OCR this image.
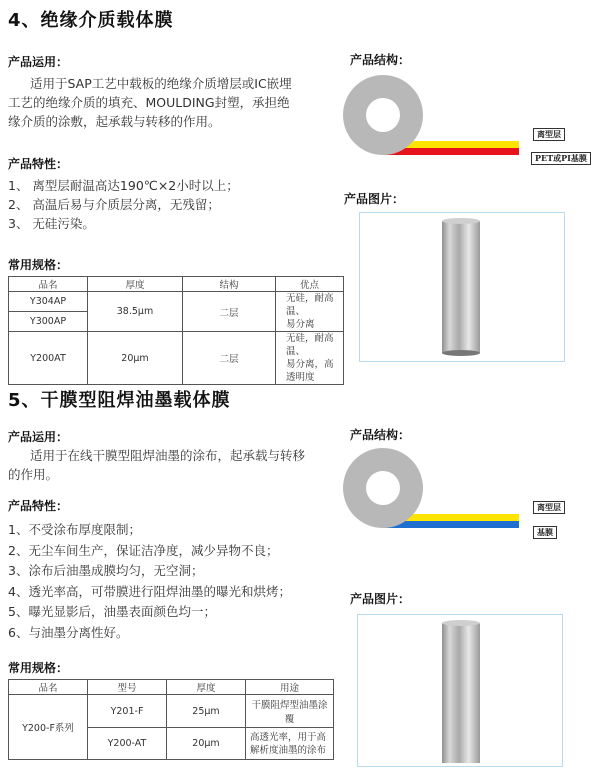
4、绝缘介质载体膜
产品运用：
适用于SAP工艺中载板的绝缘介质增层或IC嵌埋
工艺的绝缘介质的填充、MOULDING封塑，承担绝
缘介质的涂敷，起承载与转移的作用。
产品特性：
1、 离型层耐温高达190℃×2小时以上；
2、 高温后易与介质层分离，无残留；
3、 无硅污染。
常用规格：
品名	厚度	结构	优点
Y304AP	38.5μm	二层	无硅，耐高温、
易分离

Y300AP			
Y200AT	20μm	二层	无硅，耐高温、
易分离，高透明度
产品结构：
离型层
PET或PI基膜
产品图片：
5、干膜型阻焊油墨载体膜
产品运用：
适用于在线干膜型阻焊油墨的涂布，起承载与转移
的作用。
产品特性：
1、不受涂布厚度限制；
2、无尘车间生产，保证洁净度，减少异物不良；
3、涂布后油墨成膜均匀，无空洞；
4、透光率高，可带膜进行阻焊油墨的曝光和烘烤；
5、曝光显影后，油墨表面颜色均一；
6、与油墨分离性好。
常用规格：
品名	型号	厚度	用途
Y200-F系列	Y201-F	25μm	干膜阻焊型油墨涂覆
	Y200-AT	20μm	高透光率，用于高
解析度油墨的涂布
产品结构：
离型层
基膜
产品图片：
